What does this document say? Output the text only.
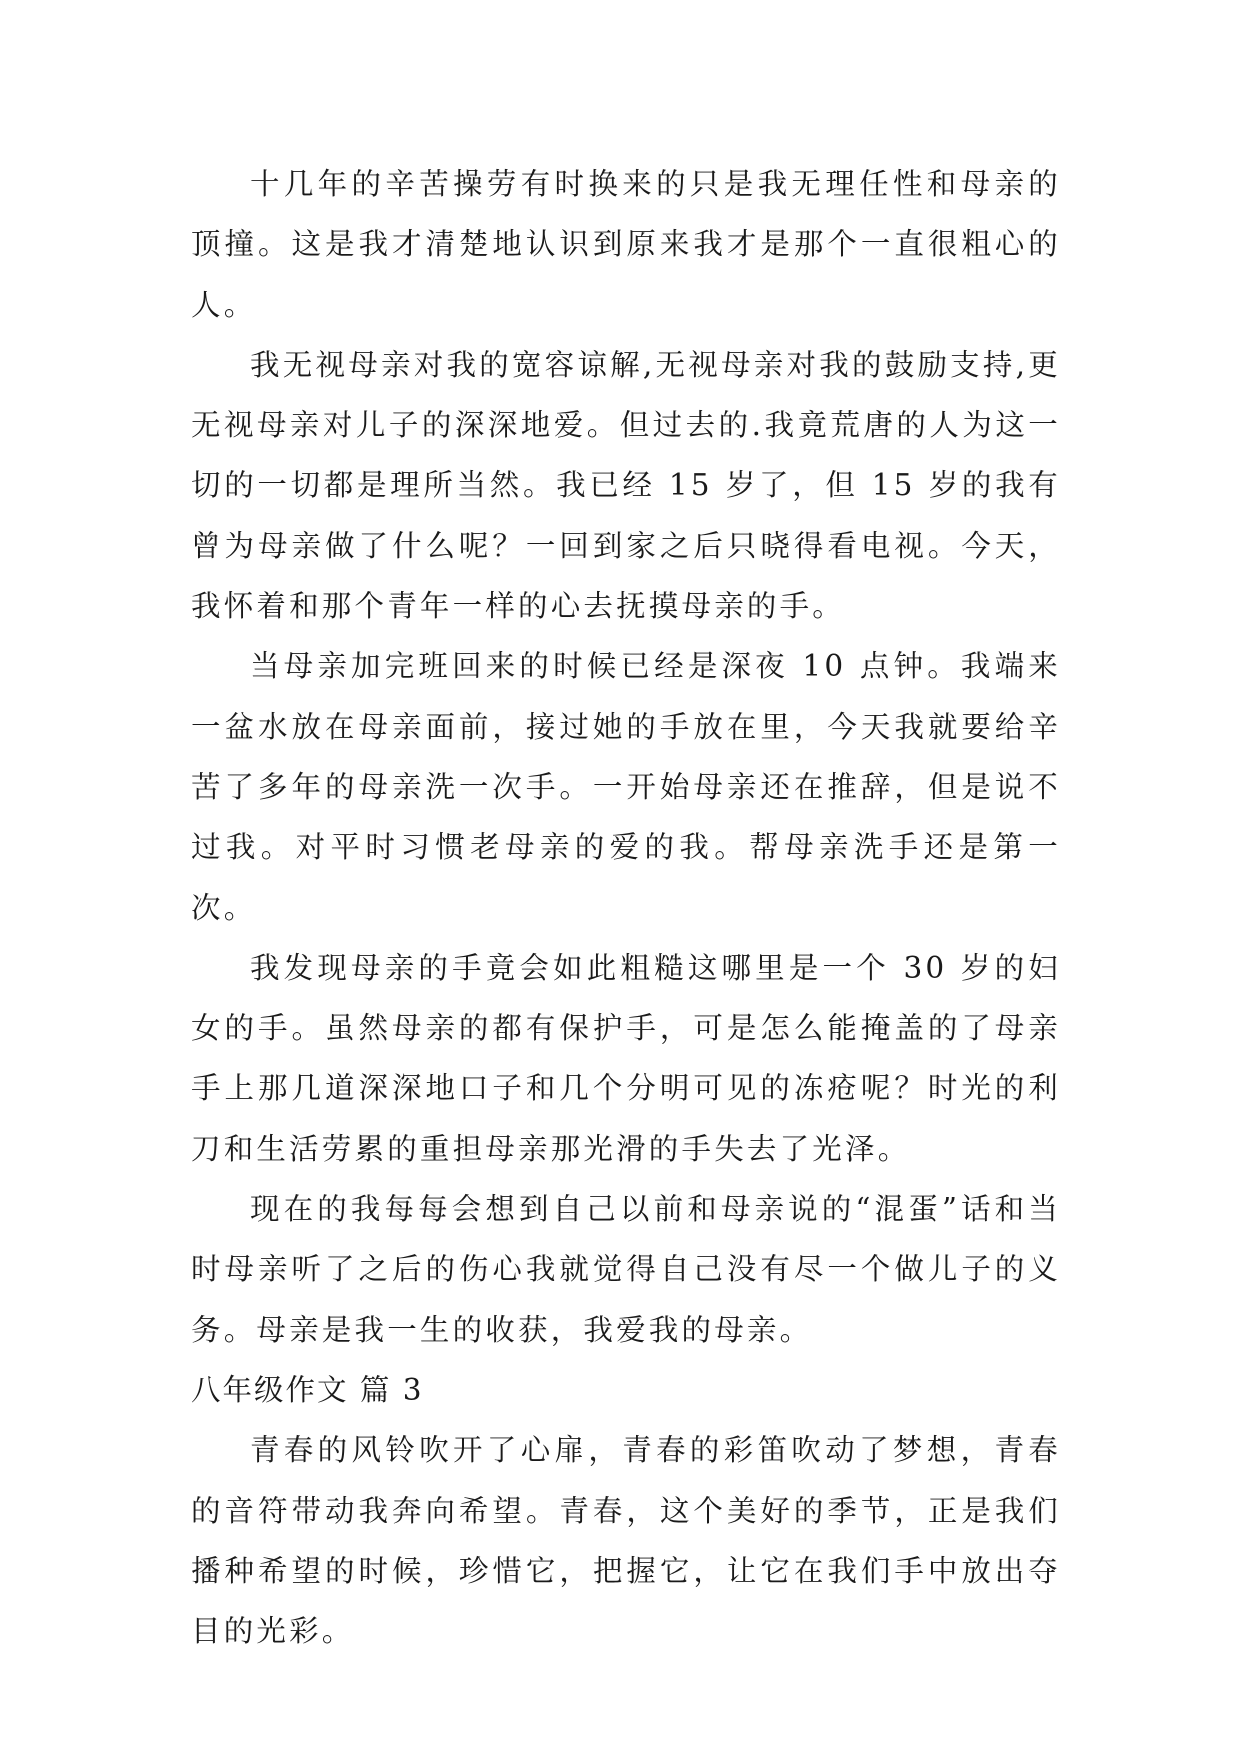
十几年的辛苦操劳有时换来的只是我无理任性和母亲的顶撞。这是我才清楚地认识到原来我才是那个一直很粗心的人。

我无视母亲对我的宽容谅解,无视母亲对我的鼓励支持,更无视母亲对儿子的深深地爱。但过去的.我竟荒唐的人为这一切的一切都是理所当然。我已经 15 岁了，但 15 岁的我有曾为母亲做了什么呢？一回到家之后只晓得看电视。今天，我怀着和那个青年一样的心去抚摸母亲的手。

当母亲加完班回来的时候已经是深夜 10 点钟。我端来一盆水放在母亲面前，接过她的手放在里，今天我就要给辛苦了多年的母亲洗一次手。一开始母亲还在推辞，但是说不过我。对平时习惯老母亲的爱的我。帮母亲洗手还是第一次。

我发现母亲的手竟会如此粗糙这哪里是一个 30 岁的妇女的手。虽然母亲的都有保护手，可是怎么能掩盖的了母亲手上那几道深深地口子和几个分明可见的冻疮呢？时光的利刀和生活劳累的重担母亲那光滑的手失去了光泽。

现在的我每每会想到自己以前和母亲说的“混蛋”话和当时母亲听了之后的伤心我就觉得自己没有尽一个做儿子的义务。母亲是我一生的收获，我爱我的母亲。

八年级作文 篇 3

青春的风铃吹开了心扉，青春的彩笛吹动了梦想，青春的音符带动我奔向希望。青春，这个美好的季节，正是我们播种希望的时候，珍惜它，把握它，让它在我们手中放出夺目的光彩。
